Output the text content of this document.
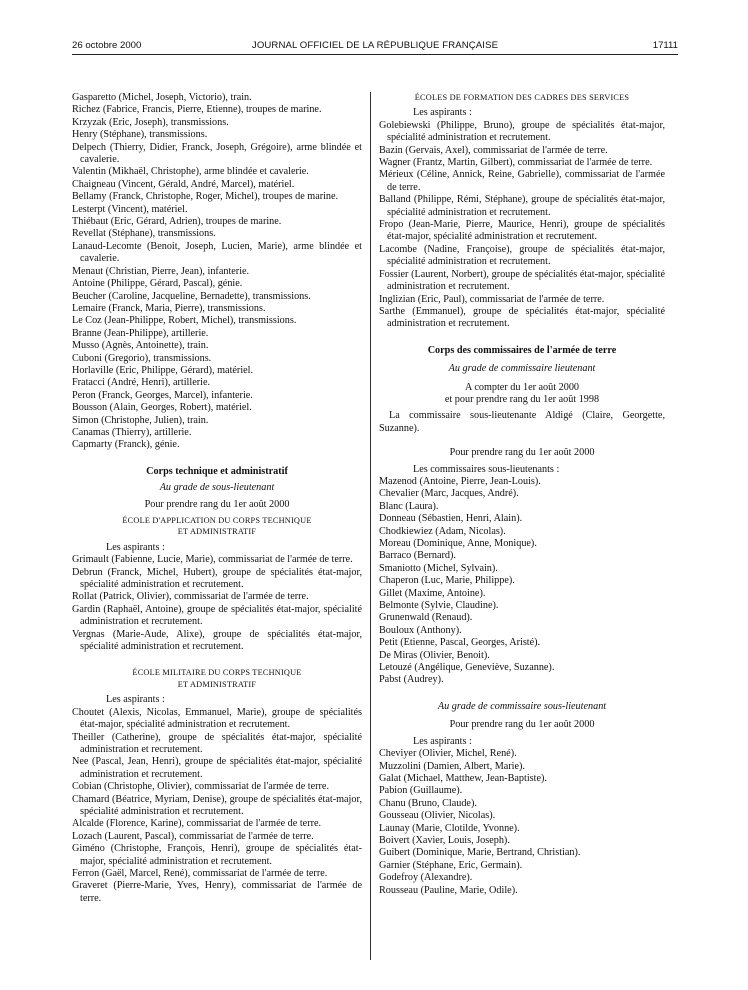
26 octobre 2000	JOURNAL OFFICIEL DE LA RÉPUBLIQUE FRANÇAISE	17111

Gasparetto (Michel, Joseph, Victorio), train.

Richez (Fabrice, Francis, Pierre, Etienne), troupes de marine.

Krzyzak (Eric, Joseph), transmissions.

Henry (Stéphane), transmissions.

Delpech (Thierry, Didier, Franck, Joseph, Grégoire), arme blindée et cavalerie.

Valentin (Mikhaël, Christophe), arme blindée et cavalerie.

Chaigneau (Vincent, Gérald, André, Marcel), matériel.

Bellamy (Franck, Christophe, Roger, Michel), troupes de marine.

Lesterpt (Vincent), matériel.

Thiébaut (Eric, Gérard, Adrien), troupes de marine.

Revellat (Stéphane), transmissions.

Lanaud-Lecomte (Benoit, Joseph, Lucien, Marie), arme blindée et cavalerie.

Menaut (Christian, Pierre, Jean), infanterie.

Antoine (Philippe, Gérard, Pascal), génie.

Beucher (Caroline, Jacqueline, Bernadette), transmissions.

Lemaire (Franck, Maria, Pierre), transmissions.

Le Coz (Jean-Philippe, Robert, Michel), transmissions.

Branne (Jean-Philippe), artillerie.

Musso (Agnès, Antoinette), train.

Cuboni (Gregorio), transmissions.

Horlaville (Eric, Philippe, Gérard), matériel.

Fratacci (André, Henri), artillerie.

Peron (Franck, Georges, Marcel), infanterie.

Bousson (Alain, Georges, Robert), matériel.

Simon (Christophe, Julien), train.

Canamas (Thierry), artillerie.

Capmarty (Franck), génie.

Corps technique et administratif

Au grade de sous-lieutenant

Pour prendre rang du 1er août 2000

ÉCOLE D'APPLICATION DU CORPS TECHNIQUE

ET ADMINISTRATIF

Les aspirants :

Grimault (Fabienne, Lucie, Marie), commissariat de l'armée de terre.

Debrun (Franck, Michel, Hubert), groupe de spécialités état-major, spécialité administration et recrutement.

Rollat (Patrick, Olivier), commissariat de l'armée de terre.

Gardin (Raphaël, Antoine), groupe de spécialités état-major, spécialité administration et recrutement.

Vergnas (Marie-Aude, Alixe), groupe de spécialités état-major, spécialité administration et recrutement.

ÉCOLE MILITAIRE DU CORPS TECHNIQUE

ET ADMINISTRATIF

Les aspirants :

Choutet (Alexis, Nicolas, Emmanuel, Marie), groupe de spécialités état-major, spécialité administration et recrutement.

Theiller (Catherine), groupe de spécialités état-major, spécialité administration et recrutement.

Nee (Pascal, Jean, Henri), groupe de spécialités état-major, spécialité administration et recrutement.

Cobian (Christophe, Olivier), commissariat de l'armée de terre.

Chamard (Béatrice, Myriam, Denise), groupe de spécialités état-major, spécialité administration et recrutement.

Alcalde (Florence, Karine), commissariat de l'armée de terre.

Lozach (Laurent, Pascal), commissariat de l'armée de terre.

Giméno (Christophe, François, Henri), groupe de spécialités état-major, spécialité administration et recrutement.

Ferron (Gaël, Marcel, René), commissariat de l'armée de terre.

Graveret (Pierre-Marie, Yves, Henry), commissariat de l'armée de terre.

ÉCOLES DE FORMATION DES CADRES DES SERVICES

Les aspirants :

Golebiewski (Philippe, Bruno), groupe de spécialités état-major, spécialité administration et recrutement.

Bazin (Gervais, Axel), commissariat de l'armée de terre.

Wagner (Frantz, Martin, Gilbert), commissariat de l'armée de terre.

Mérieux (Céline, Annick, Reine, Gabrielle), commissariat de l'armée de terre.

Balland (Philippe, Rémi, Stéphane), groupe de spécialités état-major, spécialité administration et recrutement.

Fropo (Jean-Marie, Pierre, Maurice, Henri), groupe de spécialités état-major, spécialité administration et recrutement.

Lacombe (Nadine, Françoise), groupe de spécialités état-major, spécialité administration et recrutement.

Fossier (Laurent, Norbert), groupe de spécialités état-major, spécialité administration et recrutement.

Inglizian (Eric, Paul), commissariat de l'armée de terre.

Sarthe (Emmanuel), groupe de spécialités état-major, spécialité administration et recrutement.

Corps des commissaires de l'armée de terre

Au grade de commissaire lieutenant

A compter du 1er août 2000

et pour prendre rang du 1er août 1998

La commissaire sous-lieutenante Aldigé (Claire, Georgette, Suzanne).

Pour prendre rang du 1er août 2000

Les commissaires sous-lieutenants :

Mazenod (Antoine, Pierre, Jean-Louis).

Chevalier (Marc, Jacques, André).

Blanc (Laura).

Donneau (Sébastien, Henri, Alain).

Chodkiewiez (Adam, Nicolas).

Moreau (Dominique, Anne, Monique).

Barraco (Bernard).

Smaniotto (Michel, Sylvain).

Chaperon (Luc, Marie, Philippe).

Gillet (Maxime, Antoine).

Belmonte (Sylvie, Claudine).

Grunenwald (Renaud).

Bouloux (Anthony).

Petit (Etienne, Pascal, Georges, Aristé).

De Miras (Olivier, Benoit).

Letouzé (Angélique, Geneviève, Suzanne).

Pabst (Audrey).

Au grade de commissaire sous-lieutenant

Pour prendre rang du 1er août 2000

Les aspirants :

Cheviyer (Olivier, Michel, René).

Muzzolini (Damien, Albert, Marie).

Galat (Michael, Matthew, Jean-Baptiste).

Pabion (Guillaume).

Chanu (Bruno, Claude).

Gousseau (Olivier, Nicolas).

Launay (Marie, Clotilde, Yvonne).

Boivert (Xavier, Louis, Joseph).

Guibert (Dominique, Marie, Bertrand, Christian).

Garnier (Stéphane, Eric, Germain).

Godefroy (Alexandre).

Rousseau (Pauline, Marie, Odile).
